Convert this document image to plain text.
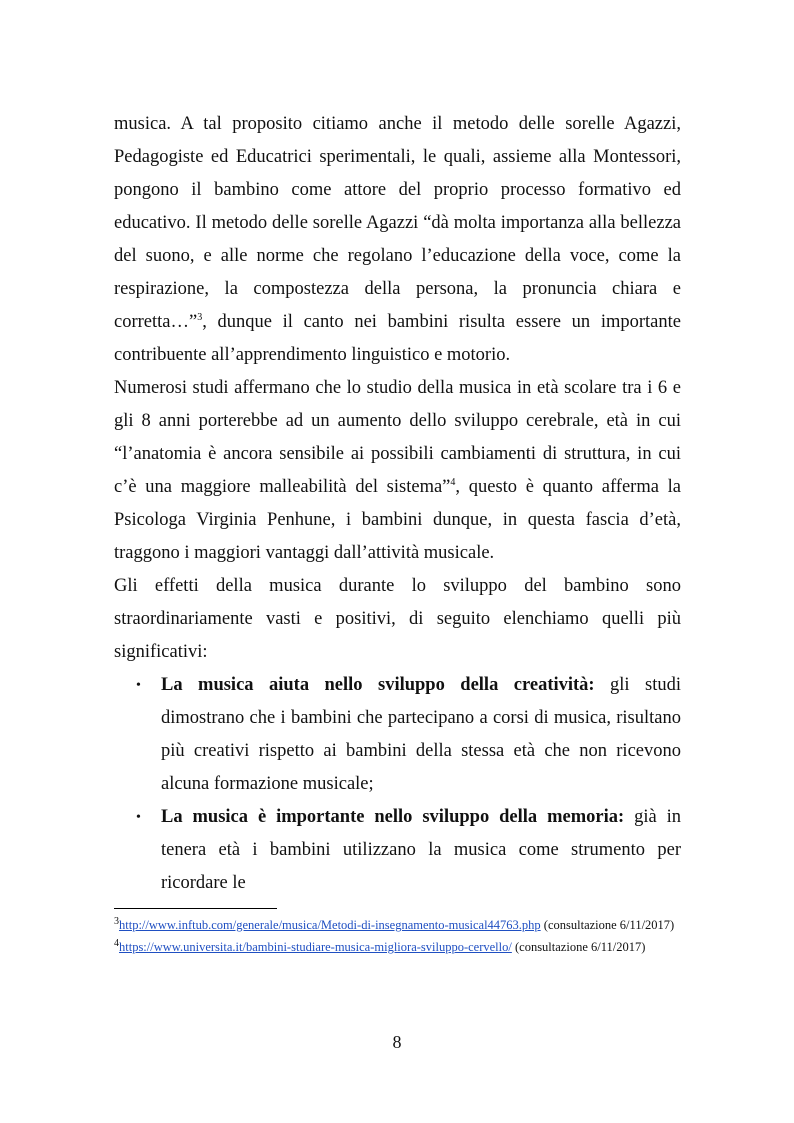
musica. A tal proposito citiamo anche il metodo delle sorelle Agazzi, Pedagogiste ed Educatrici sperimentali, le quali, assieme alla Montessori, pongono il bambino come attore del proprio processo formativo ed educativo. Il metodo delle sorelle Agazzi “dà molta importanza alla bellezza del suono, e alle norme che regolano l’educazione della voce, come la respirazione, la compostezza della persona, la pronuncia chiara e corretta…”$^3$, dunque il canto nei bambini risulta essere un importante contribuente all’apprendimento linguistico e motorio.

Numerosi studi affermano che lo studio della musica in età scolare tra i 6 e gli 8 anni porterebbe ad un aumento dello sviluppo cerebrale, età in cui “l’anatomia è ancora sensibile ai possibili cambiamenti di struttura, in cui c’è una maggiore malleabilità del sistema”$^4$, questo è quanto afferma la Psicologa Virginia Penhune, i bambini dunque, in questa fascia d’età, traggono i maggiori vantaggi dall’attività musicale.

Gli effetti della musica durante lo sviluppo del bambino sono straordinariamente vasti e positivi, di seguito elenchiamo quelli più significativi:

• La musica aiuta nello sviluppo della creatività: gli studi dimostrano che i bambini che partecipano a corsi di musica, risultano più creativi rispetto ai bambini della stessa età che non ricevono alcuna formazione musicale;
• La musica è importante nello sviluppo della memoria: già in tenera età i bambini utilizzano la musica come strumento per ricordare le

$^3$http://www.inftub.com/generale/musica/Metodi-di-insegnamento-musical44763.php (consultazione 6/11/2017)

$^4$https://www.universita.it/bambini-studiare-musica-migliora-sviluppo-cervello/ (consultazione 6/11/2017)

8
